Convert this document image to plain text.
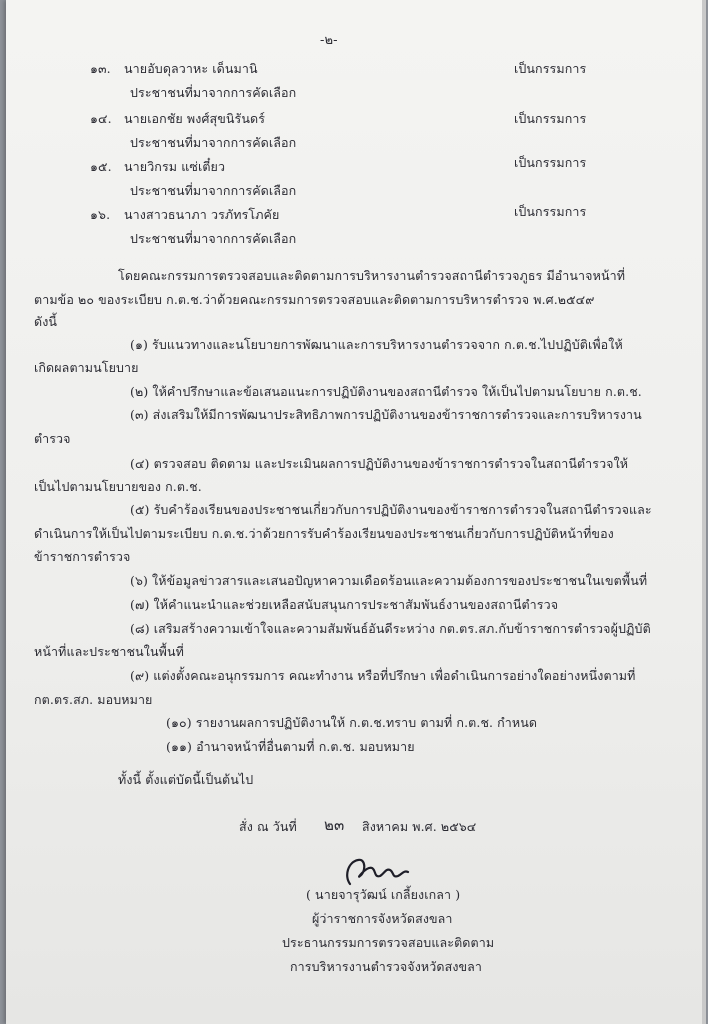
-๒-
๑๓. นายอับดุลวาหะ เด็นมานิ	เป็นกรรมการ
ประชาชนที่มาจากการคัดเลือก
๑๔. นายเอกชัย พงศ์สุขนิรันดร์	เป็นกรรมการ
ประชาชนที่มาจากการคัดเลือก
๑๕. นายวิกรม แซ่เตี๋ยว	เป็นกรรมการ
ประชาชนที่มาจากการคัดเลือก
๑๖. นางสาวธนาภา วรภัทรโภคัย	เป็นกรรมการ
ประชาชนที่มาจากการคัดเลือก
โดยคณะกรรมการตรวจสอบและติดตามการบริหารงานตำรวจสถานีตำรวจภูธร มีอำนาจหน้าที่
ตามข้อ ๒๐ ของระเบียบ ก.ต.ช.ว่าด้วยคณะกรรมการตรวจสอบและติดตามการบริหารตำรวจ พ.ศ.๒๕๔๙
ดังนี้
(๑) รับแนวทางและนโยบายการพัฒนาและการบริหารงานตำรวจจาก ก.ต.ช.ไปปฏิบัติเพื่อให้
เกิดผลตามนโยบาย
(๒) ให้คำปรึกษาและข้อเสนอแนะการปฏิบัติงานของสถานีตำรวจ ให้เป็นไปตามนโยบาย ก.ต.ช.
(๓) ส่งเสริมให้มีการพัฒนาประสิทธิภาพการปฏิบัติงานของข้าราชการตำรวจและการบริหารงาน
ตำรวจ
(๔) ตรวจสอบ ติดตาม และประเมินผลการปฏิบัติงานของข้าราชการตำรวจในสถานีตำรวจให้
เป็นไปตามนโยบายของ ก.ต.ช.
(๕) รับคำร้องเรียนของประชาชนเกี่ยวกับการปฏิบัติงานของข้าราชการตำรวจในสถานีตำรวจและ
ดำเนินการให้เป็นไปตามระเบียบ ก.ต.ช.ว่าด้วยการรับคำร้องเรียนของประชาชนเกี่ยวกับการปฏิบัติหน้าที่ของ
ข้าราชการตำรวจ
(๖) ให้ข้อมูลข่าวสารและเสนอปัญหาความเดือดร้อนและความต้องการของประชาชนในเขตพื้นที่
(๗) ให้คำแนะนำและช่วยเหลือสนับสนุนการประชาสัมพันธ์งานของสถานีตำรวจ
(๘) เสริมสร้างความเข้าใจและความสัมพันธ์อันดีระหว่าง กต.ตร.สภ.กับข้าราชการตำรวจผู้ปฏิบัติ
หน้าที่และประชาชนในพื้นที่
(๙) แต่งตั้งคณะอนุกรรมการ คณะทำงาน หรือที่ปรึกษา เพื่อดำเนินการอย่างใดอย่างหนึ่งตามที่
กต.ตร.สภ. มอบหมาย
(๑๐) รายงานผลการปฏิบัติงานให้ ก.ต.ช.ทราบ ตามที่ ก.ต.ช. กำหนด
(๑๑) อำนาจหน้าที่อื่นตามที่ ก.ต.ช. มอบหมาย
ทั้งนี้ ตั้งแต่บัดนี้เป็นต้นไป
สั่ง ณ วันที่ ๒๓ สิงหาคม พ.ศ. ๒๕๖๔
( นายจารุวัฒน์ เกลี้ยงเกลา )
ผู้ว่าราชการจังหวัดสงขลา
ประธานกรรมการตรวจสอบและติดตาม
การบริหารงานตำรวจจังหวัดสงขลา
